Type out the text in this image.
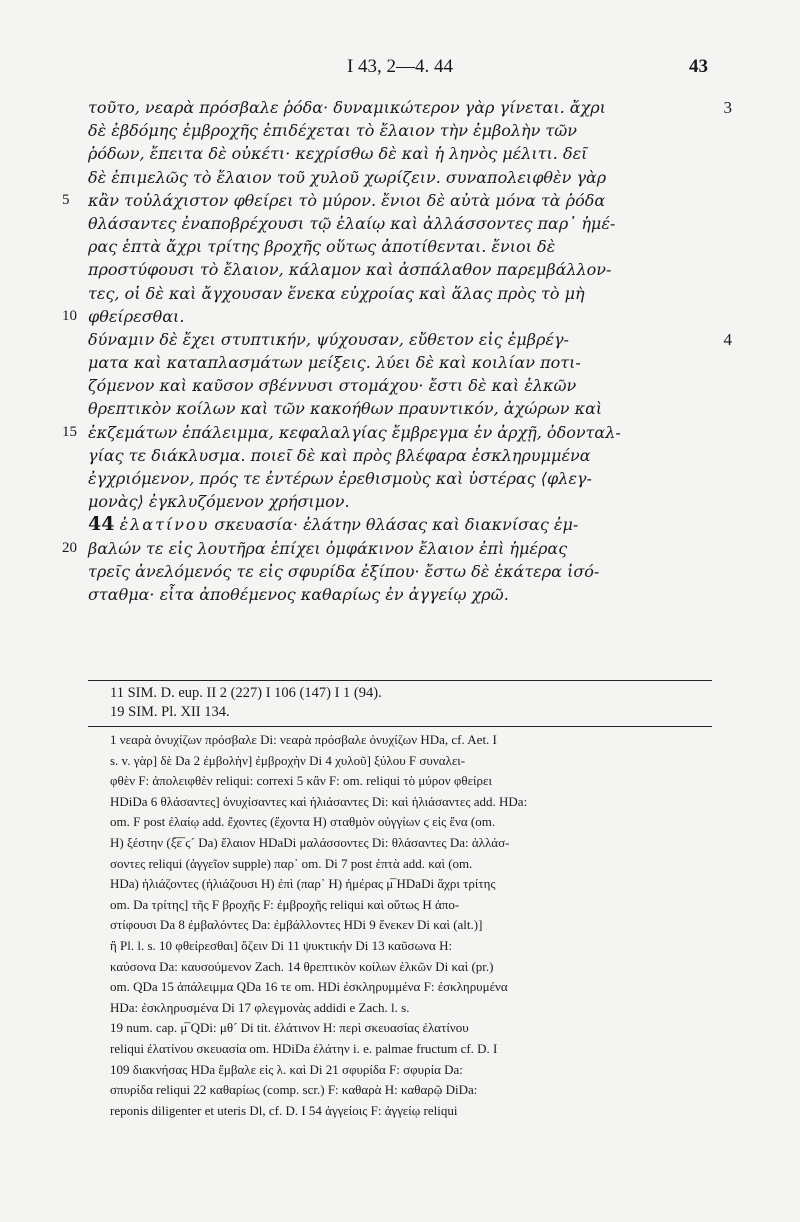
I 43, 2—4. 44	43
τοῦτο, νεαρὰ πρόσβαλε ῥόδα· δυναμικώτερον γὰρ γίνεται. ἄχρι	3
δὲ ἑβδόμης ἐμβροχῆς ἐπιδέχεται τὸ ἔλαιον τὴν ἐμβολὴν τῶν
ῥόδων, ἔπειτα δὲ οὐκέτι· κεχρίσθω δὲ καὶ ἡ ληνὸς μέλιτι. δεῖ
δὲ ἐπιμελῶς τὸ ἔλαιον τοῦ χυλοῦ χωρίζειν. συναπολειφθὲν γὰρ
5	κἂν τοὐλάχιστον φθείρει τὸ μύρον. ἔνιοι δὲ αὐτὰ μόνα τὰ ῥόδα
θλάσαντες ἐναποβρέχουσι τῷ ἐλαίῳ καὶ ἀλλάσσοντες παρ᾽ ἡμέ-
ρας ἑπτὰ ἄχρι τρίτης βροχῆς οὕτως ἀποτίθενται. ἔνιοι δὲ
προστύφουσι τὸ ἔλαιον, κάλαμον καὶ ἀσπάλαθον παρεμβάλλον-
τες, οἱ δὲ καὶ ἄγχουσαν ἕνεκα εὐχροίας καὶ ἅλας πρὸς τὸ μὴ
10 φθείρεσθαι.
δύναμιν δὲ ἔχει στυπτικήν, ψύχουσαν, εὔθετον εἰς ἐμβρέγ-	4
ματα καὶ καταπλασμάτων μείξεις. λύει δὲ καὶ κοιλίαν ποτι-
ζόμενον καὶ καῦσον σβέννυσι στομάχου· ἔστι δὲ καὶ ἑλκῶν
θρεπτικὸν κοίλων καὶ τῶν κακοήθων πραυντικόν, ἀχώρων καὶ
15 ἐκζεμάτων ἐπάλειμμα, κεφαλαλγίας ἔμβρεγμα ἐν ἀρχῇ, ὀδονταλ-
γίας τε διάκλυσμα. ποιεῖ δὲ καὶ πρὸς βλέφαρα ἐσκληρυμμένα
ἐγχριόμενον, πρός τε ἐντέρων ἐρεθισμοὺς καὶ ὑστέρας ⟨φλεγ-
μονὰς⟩ ἐγκλυζόμενον χρήσιμον.
44 ἐλατίνου σκευασία· ἐλάτην θλάσας καὶ διακνίσας ἐμ-
20 βαλών τε εἰς λουτῆρα ἐπίχει ὀμφάκινον ἔλαιον ἐπὶ ἡμέρας
τρεῖς ἀνελόμενός τε εἰς σφυρίδα ἐξίπου· ἔστω δὲ ἑκάτερα ἰσό-
σταθμα· εἶτα ἀποθέμενος καθαρίως ἐν ἀγγείῳ χρῶ.
11 SIM. D. eup. II 2 (227) I 106 (147) I 1 (94).
19 SIM. Pl. XII 134.
1 νεαρὰ ὀνυχίζων πρόσβαλε Di: νεαρὰ πρόσβαλε ὀνυχίζων HDa, cf. Aet. I
s. v. γὰρ] δὲ Da 2 ἐμβολὴν] ἐμβροχὴν Di 4 χυλοῦ] ξύλου F συναλει-
φθὲν F: ἀπολειφθὲν reliqui: correxi 5 κἂν F: om. reliqui τὸ μύρον φθείρει
HDiDa 6 θλάσαντες] ὀνυχίσαντες καὶ ἡλιάσαντες Di: καὶ ἡλιάσαντες add. HDa:
om. F post ἐλαίῳ add. ἔχοντες (ἔχοντα H) σταθμὸν οὐγγίων ϛ εἰς ἕνα (om.
H) ξέστην (ξ̅ε̅ ϛ´ Da) ἔλαιον HDaDi μαλάσσοντες Di: θλάσαντες Da: ἀλλάσ-
σοντες reliqui (ἀγγεῖον supple) παρ᾽ om. Di 7 post ἑπτὰ add. καὶ (om.
HDa) ἡλιάζοντες (ἡλιάζουσι H) ἐπὶ (παρ᾽ H) ἡμέρας μ̅ HDaDi ἄχρι τρίτης
om. Da τρίτης] τῆς F βροχῆς F: ἐμβροχῆς reliqui καὶ οὕτως H ἀπο-
στίφουσι Da 8 ἐμβαλόντες Da: ἐμβάλλοντες HDi 9 ἕνεκεν Di καὶ (alt.)]
ἢ Pl. l. s. 10 φθείρεσθαι] ὄζειν Di 11 ψυκτικήν Di 13 καῦσωνα H:
καύσονα Da: καυσούμενον Zach. 14 θρεπτικὸν κοίλων ἑλκῶν Di καὶ (pr.)
om. QDa 15 ἀπάλειμμα QDa 16 τε om. HDi ἐσκληρυμμένα F: ἐσκληρυμένα
HDa: ἐσκληρυσμένα Di 17 φλεγμονὰς addidi e Zach. l. s.
19 num. cap. μ̅ QDi: μθ´ Di tit. ἐλάτινον H: περὶ σκευασίας ἐλατίνου
reliqui ἐλατίνου σκευασία om. HDiDa ἐλάτην i. e. palmae fructum cf. D. I
109 διακνήσας HDa ἔμβαλε εἰς λ. καὶ Di 21 σφυρίδα F: σφυρία Da:
σπυρίδα reliqui 22 καθαρίως (comp. scr.) F: καθαρὰ H: καθαρῷ DiDa:
reponis diligenter et uteris Dl, cf. D. I 54 ἀγγείοις F: ἀγγείῳ reliqui
